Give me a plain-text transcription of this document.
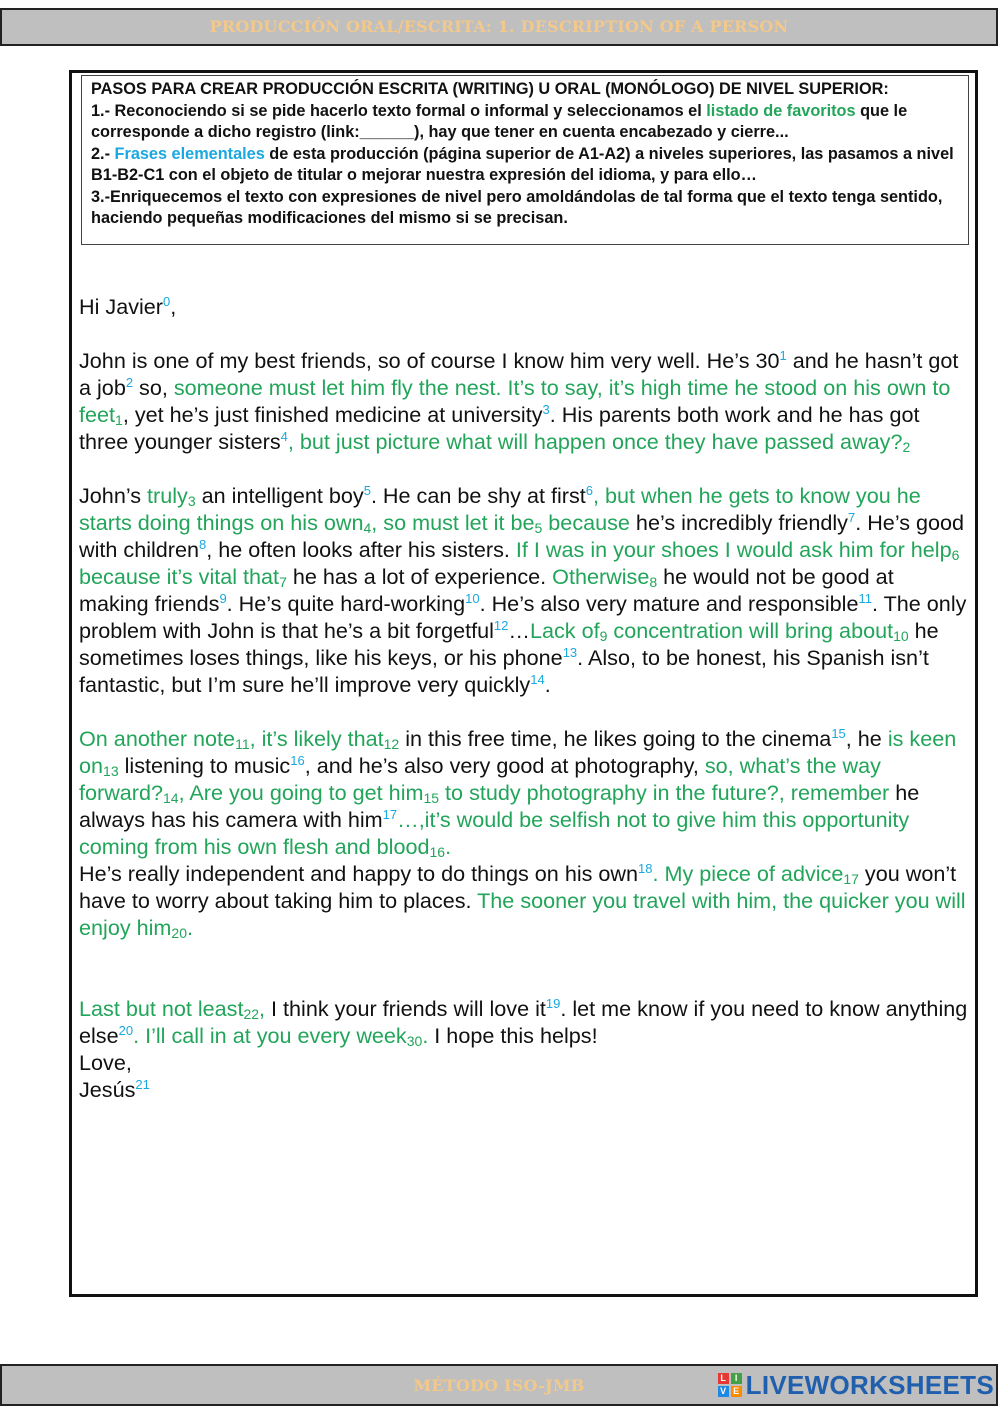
PRODUCCIÓN ORAL/ESCRITA: 1. DESCRIPTION OF A PERSON

PASOS PARA CREAR PRODUCCIÓN ESCRITA (WRITING) U ORAL (MONÓLOGO) DE NIVEL SUPERIOR:

1.- Reconociendo si se pide hacerlo texto formal o informal y seleccionamos el listado de favoritos que le corresponde a dicho registro (link:______), hay que tener en cuenta encabezado y cierre...

2.- Frases elementales de esta producción (página superior de A1-A2) a niveles superiores, las pasamos a nivel B1-B2-C1 con el objeto de titular o mejorar nuestra expresión del idioma, y para ello…

3.-Enriquecemos el texto con expresiones de nivel pero amoldándolas de tal forma que el texto tenga sentido, haciendo pequeñas modificaciones del mismo si se precisan.

Hi Javier$^0$,

John is one of my best friends, so of course I know him very well. He’s $30^1$ and he hasn’t got a job$^2$ so, someone must let him fly the nest. It’s to say, it’s high time he stood on his own to feet$_1$, yet he’s just finished medicine at university$^3$. His parents both work and he has got three younger sisters$^4$, but just picture what will happen once they have passed $away?_2$

John’s truly$_3$ an intelligent boy$^5$. He can be shy at first$^6$, but when he gets to know you he starts doing things on his own$_4$, so must let it $be_5$ because he’s incredibly friendly$^7$. He’s good with children$^8$, he often looks after his sisters. If I was in your shoes I would ask him for help$_6$ because it’s vital that$_7$ he has a lot of experience. Otherwise$_8$ he would not be good at making friends$^9$. He’s quite hard-working$^{10}$. He’s also very mature and responsible$^{11}$. The only problem with John is that he’s a bit forgetful$^{12}$…Lack $of_9$ concentration will bring about$_{10}$ he sometimes loses things, like his keys, or his phone$^{13}$. Also, to be honest, his Spanish isn’t fantastic, but I’m sure he’ll improve very quickly$^{14}$.

On another note$_{11}$, it’s likely that$_{12}$ in this free time, he likes going to the cinema$^{15}$, he is keen $on_{13}$ listening to music$^{16}$, and he’s also very good at photography, so, what’s the way $forward?_{14}$, Are you going to get him$_{15}$ to study photography in the future?, remember he always has his camera with him$^{17}$…,it’s would be selfish not to give him this opportunity coming from his own flesh and blood$_{16}$.

He’s really independent and happy to do things on his own$^{18}$. My piece of advice$_{17}$ you won’t have to worry about taking him to places. The sooner you travel with him, the quicker you will enjoy him$_{20}$.

Last but not least$_{22}$, I think your friends will love $it^{19}$. let me know if you need to know anything else$^{20}$. I’ll call in at you every week$_{30}$. I hope this helps!

Love,

Jesús$^{21}$

MÉTODO ISO-JMB	L I
V E LIVEWORKSHEETS
